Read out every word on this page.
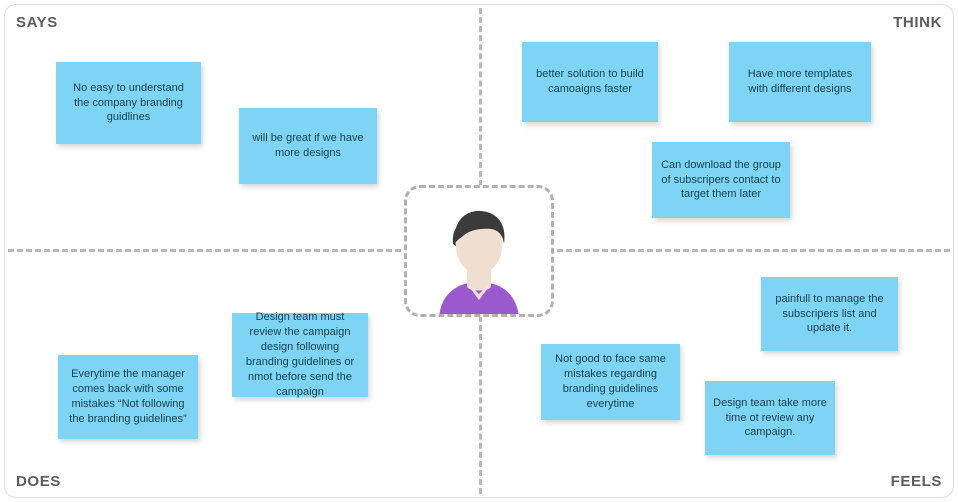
SAYS	THINK
DOES	FEELS
No easy to understand the company branding guidlines
will be great if we have more designs
better solution to build camoaigns faster
Have more templates with different designs
Can download the group of subscripers contact to target them later
painfull to manage the subscripers list and update it.
Design team must review the campaign design following branding guidelines or nmot before send the campaign
Everytime the manager comes back with some mistakes “Not following the branding guidelines”
Not good to face same mistakes regarding branding guidelines everytime	Design team take more time ot review any campaign.
